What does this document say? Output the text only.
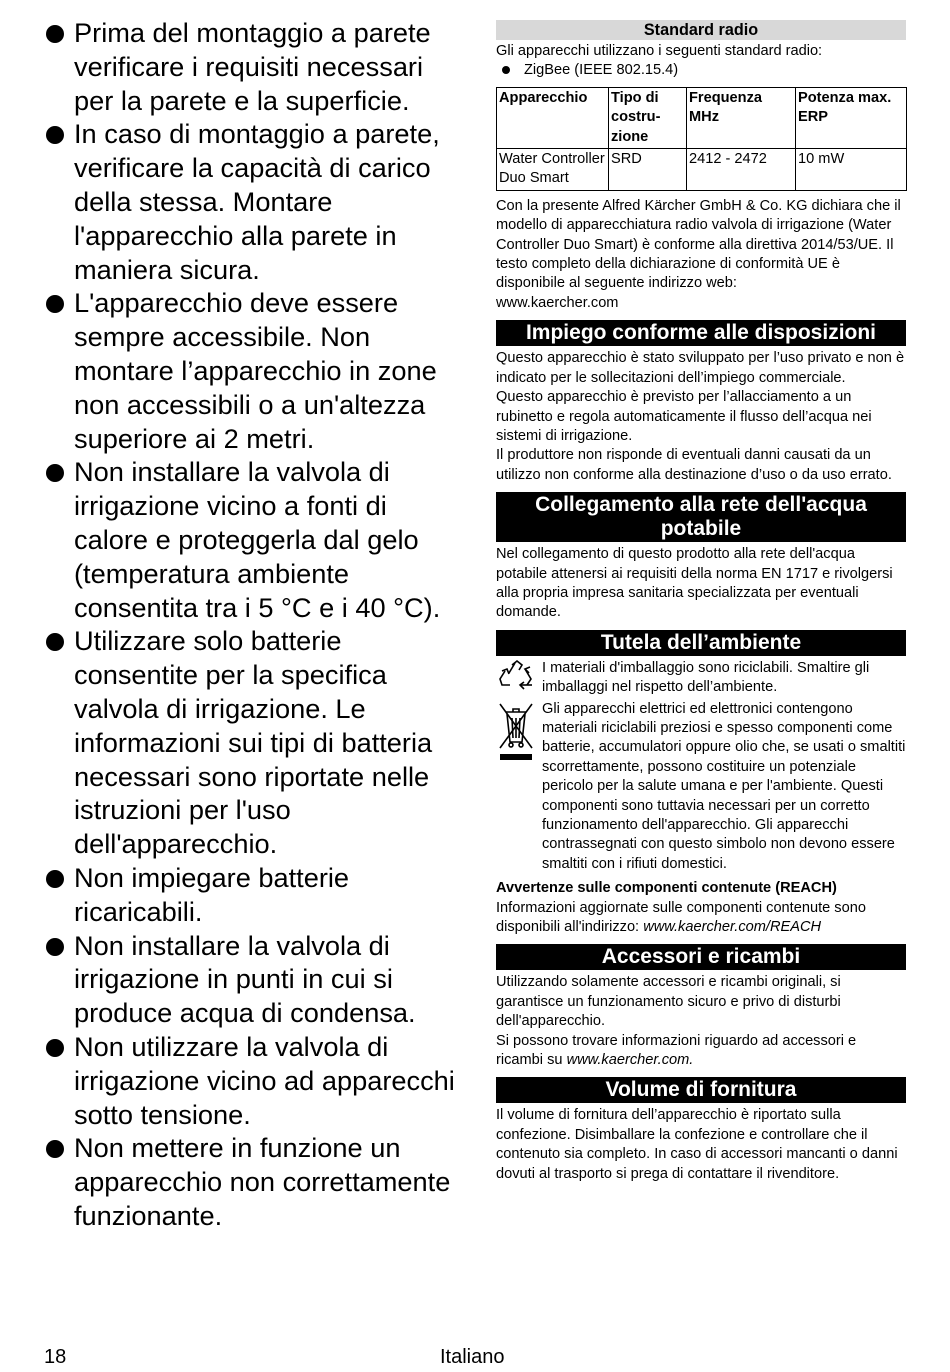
Prima del montaggio a parete verificare i requisiti necessari per la parete e la superficie.
In caso di montaggio a parete, verificare la capacità di carico della stessa. Montare l'apparecchio alla parete in maniera sicura.
L'apparecchio deve essere sempre accessibile. Non montare l’apparecchio in zone non accessibili o a un'altezza superiore ai 2 metri.
Non installare la valvola di irrigazione vicino a fonti di calore e proteggerla dal gelo (temperatura ambiente consentita tra i 5 °C e i 40 °C).
Utilizzare solo batterie consentite per la specifica valvola di irrigazione. Le informazioni sui tipi di batteria necessari sono riportate nelle istruzioni per l'uso dell'apparecchio.
Non impiegare batterie ricaricabili.
Non installare la valvola di irrigazione in punti in cui si produce acqua di condensa.
Non utilizzare la valvola di irrigazione vicino ad apparecchi sotto tensione.
Non mettere in funzione un apparecchio non correttamente funzionante.
Standard radio
Gli apparecchi utilizzano i seguenti standard radio:
ZigBee (IEEE 802.15.4)
Apparecchio	Tipo di costru-zione	Frequenza MHz	Potenza max. ERP
Water Controller Duo Smart	SRD	2412 - 2472	10 mW
Con la presente Alfred Kärcher GmbH & Co. KG dichiara che il modello di apparecchiatura radio valvola di irrigazione (Water Controller Duo Smart) è conforme alla direttiva 2014/53/UE. Il testo completo della dichiarazione di conformità UE è disponibile al seguente indirizzo web:
www.kaercher.com
Impiego conforme alle disposizioni

Questo apparecchio è stato sviluppato per l’uso privato e non è indicato per le sollecitazioni dell’impiego commerciale.

Questo apparecchio è previsto per l’allacciamento a un rubinetto e regola automaticamente il flusso dell’acqua nei sistemi di irrigazione.

Il produttore non risponde di eventuali danni causati da un utilizzo non conforme alla destinazione d’uso o da uso errato.

Collegamento alla rete dell'acqua potabile

Nel collegamento di questo prodotto alla rete dell'acqua potabile attenersi ai requisiti della norma EN 1717 e rivolgersi alla propria impresa sanitaria specializzata per eventuali domande.

Tutela dell’ambiente
I materiali d'imballaggio sono riciclabili. Smaltire gli imballaggi nel rispetto dell’ambiente.
Gli apparecchi elettrici ed elettronici contengono materiali riciclabili preziosi e spesso componenti come batterie, accumulatori oppure olio che, se usati o smaltiti scorrettamente, possono costituire un potenziale pericolo per la salute umana e per l'ambiente. Questi componenti sono tuttavia necessari per un corretto funzionamento dell'apparecchio. Gli apparecchi contrassegnati con questo simbolo non devono essere smaltiti con i rifiuti domestici.
Avvertenze sulle componenti contenute (REACH)
Informazioni aggiornate sulle componenti contenute sono disponibili all'indirizzo: www.kaercher.com/REACH
Accessori e ricambi

Utilizzando solamente accessori e ricambi originali, si garantisce un funzionamento sicuro e privo di disturbi dell'apparecchio.

Si possono trovare informazioni riguardo ad accessori e ricambi su www.kaercher.com.

Volume di fornitura

Il volume di fornitura dell’apparecchio è riportato sulla confezione. Disimballare la confezione e controllare che il contenuto sia completo. In caso di accessori mancanti o danni dovuti al trasporto si prega di contattare il rivenditore.

18	Italiano
